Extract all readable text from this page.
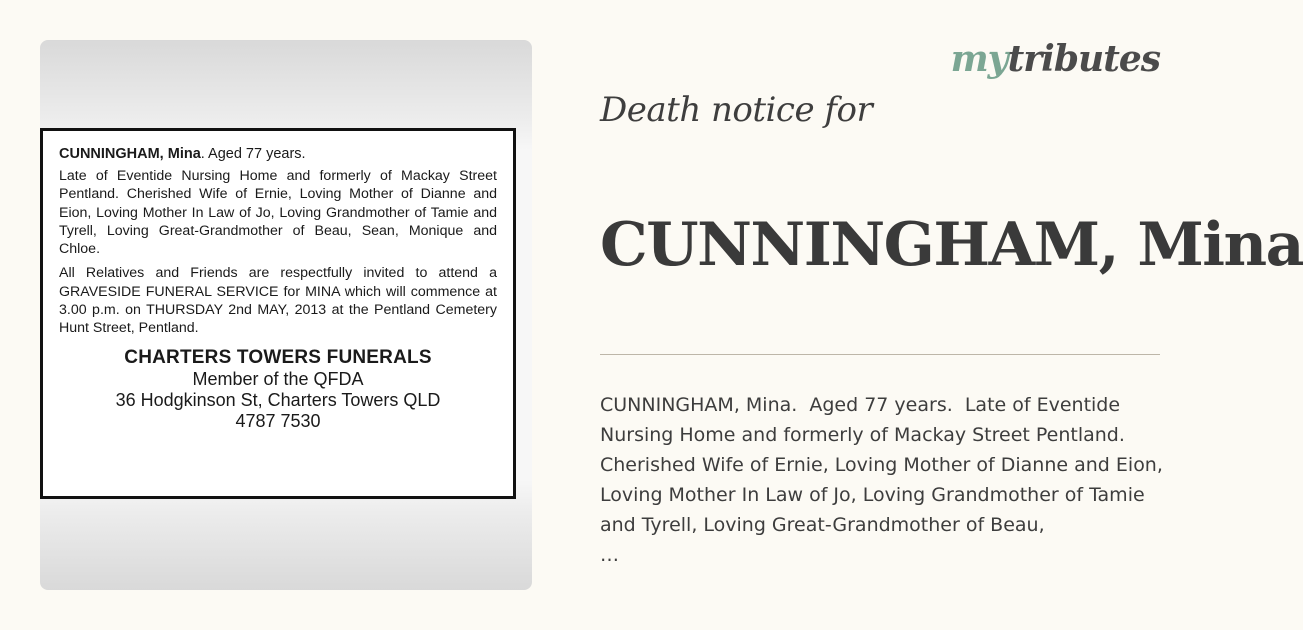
CUNNINGHAM, Mina. Aged 77 years.

Late of Eventide Nursing Home and formerly of Mackay Street Pentland. Cherished Wife of Ernie, Loving Mother of Dianne and Eion, Loving Mother In Law of Jo, Loving Grandmother of Tamie and Tyrell, Loving Great-Grandmother of Beau, Sean, Monique and Chloe.

All Relatives and Friends are respectfully invited to attend a GRAVESIDE FUNERAL SERVICE for MINA which will commence at 3.00 p.m. on THURSDAY 2nd MAY, 2013 at the Pentland Cemetery Hunt Street, Pentland.

CHARTERS TOWERS FUNERALS
Member of the QFDA
36 Hodgkinson St, Charters Towers QLD
4787 7530
mytributes
Death notice for
CUNNINGHAM, Mina

CUNNINGHAM, Mina.  Aged 77 years.  Late of Eventide Nursing Home and formerly of Mackay Street Pentland. Cherished Wife of Ernie, Loving Mother of Dianne and Eion, Loving Mother In Law of Jo, Loving Grandmother of Tamie and Tyrell, Loving Great-Grandmother of Beau,
…
